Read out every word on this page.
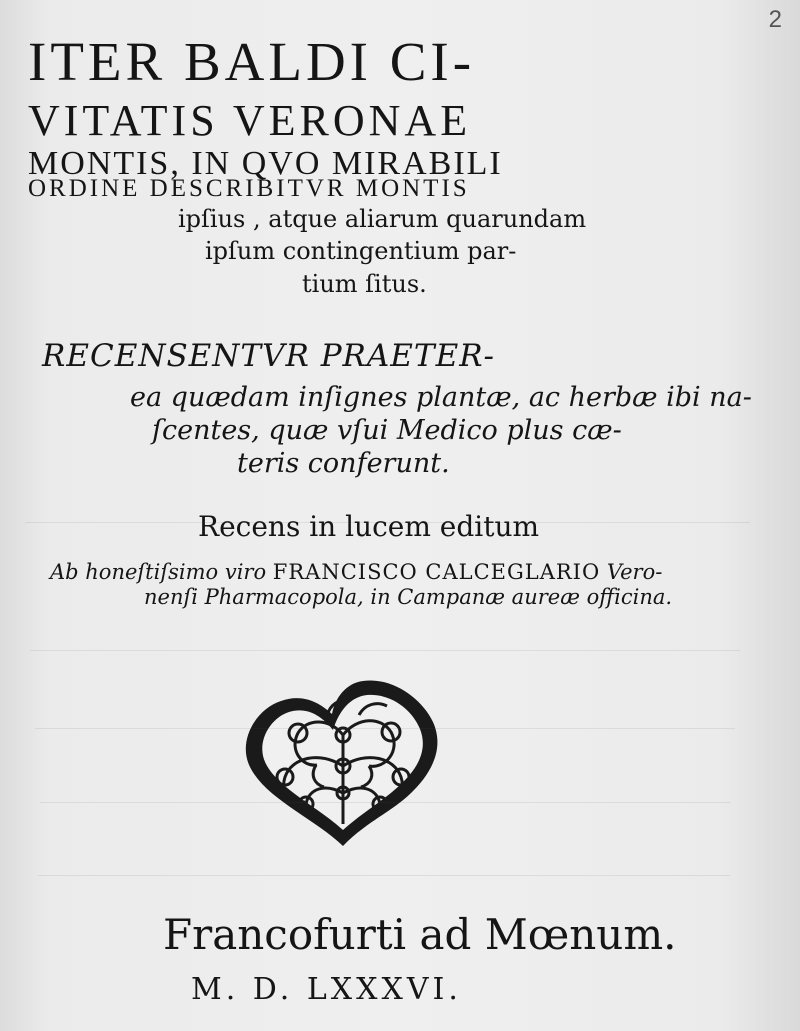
2
ITER BALDI CI-
VITATIS VERONAE
MONTIS, IN QVO MIRABILI
ORDINE DESCRIBITVR MONTIS
ipſius , atque aliarum quarundam
ipſum contingentium par-
tium ſitus.
RECENSENTVR PRAETER-
ea quædam inſignes plantæ, ac herbæ ibi na-
ſcentes, quæ vſui Medico plus cæ-
teris conferunt.
Recens in lucem editum
Ab honeſtiſsimo viro FRANCISCO CALCEGLARIO Vero-
nenſi Pharmacopola, in Campanæ aureæ officina.
Francofurti ad Mœnum.
M. D. LXXXVI.
